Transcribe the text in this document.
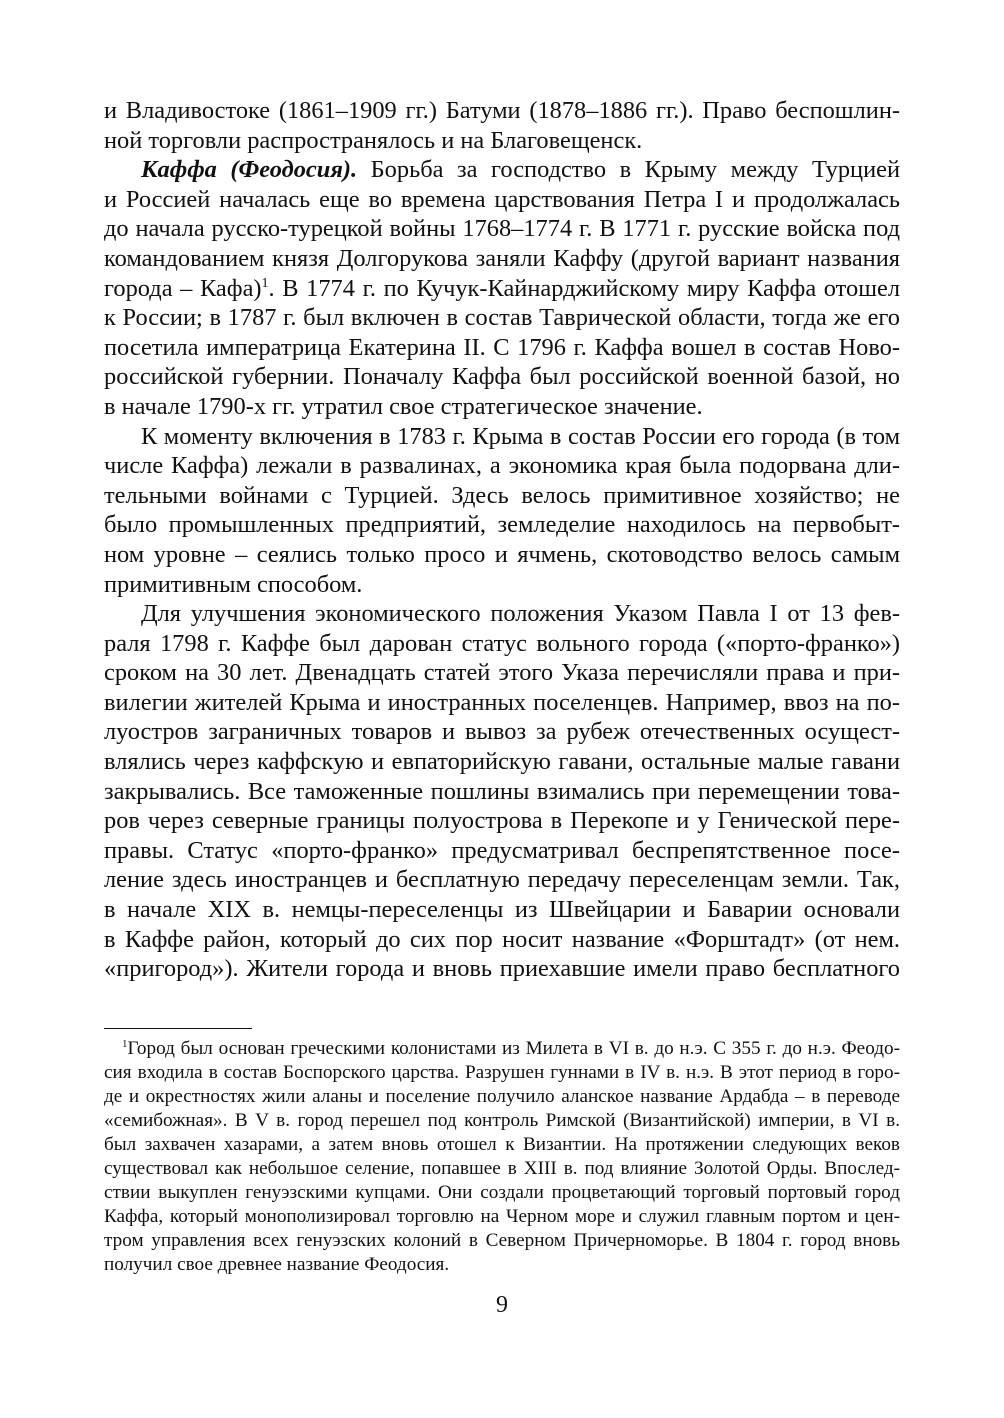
и Владивостоке (1861–1909 гг.) Батуми (1878–1886 гг.). Право беспошлин-
ной торговли распространялось и на Благовещенск.
Каффа (Феодосия). Борьба за господство в Крыму между Турцией
и Россией началась еще во времена царствования Петра I и продолжалась
до начала русско-турецкой войны 1768–1774 г. В 1771 г. русские войска под
командованием князя Долгорукова заняли Каффу (другой вариант названия
города – Кафа)$^1$. В 1774 г. по Кучук-Кайнарджийскому миру Каффа отошел
к России; в 1787 г. был включен в состав Таврической области, тогда же его
посетила императрица Екатерина II. С 1796 г. Каффа вошел в состав Ново-
российской губернии. Поначалу Каффа был российской военной базой, но
в начале 1790-х гг. утратил свое стратегическое значение.
К моменту включения в 1783 г. Крыма в состав России его города (в том
числе Каффа) лежали в развалинах, а экономика края была подорвана дли-
тельными войнами с Турцией. Здесь велось примитивное хозяйство; не
было промышленных предприятий, земледелие находилось на первобыт-
ном уровне – сеялись только просо и ячмень, скотоводство велось самым
примитивным способом.
Для улучшения экономического положения Указом Павла I от 13 фев-
раля 1798 г. Каффе был дарован статус вольного города («порто-франко»)
сроком на 30 лет. Двенадцать статей этого Указа перечисляли права и при-
вилегии жителей Крыма и иностранных поселенцев. Например, ввоз на по-
луостров заграничных товаров и вывоз за рубеж отечественных осущест-
влялись через каффскую и евпаторийскую гавани, остальные малые гавани
закрывались. Все таможенные пошлины взимались при перемещении това-
ров через северные границы полуострова в Перекопе и у Генической пере-
правы. Статус «порто-франко» предусматривал беспрепятственное посе-
ление здесь иностранцев и бесплатную передачу переселенцам земли. Так,
в начале XIX в. немцы-переселенцы из Швейцарии и Баварии основали
в Каффе район, который до сих пор носит название «Форштадт» (от нем.
«пригород»). Жители города и вновь приехавшие имели право бесплатного
$^1$Город был основан греческими колонистами из Милета в VI в. до н.э. С 355 г. до н.э. Феодо-
сия входила в состав Боспорского царства. Разрушен гуннами в IV в. н.э. В этот период в горо-
де и окрестностях жили аланы и поселение получило аланское название Ардабда – в переводе
«семибожная». В V в. город перешел под контроль Римской (Византийской) империи, в VI в.
был захвачен хазарами, а затем вновь отошел к Византии. На протяжении следующих веков
существовал как небольшое селение, попавшее в XIII в. под влияние Золотой Орды. Впослед-
ствии выкуплен генуэзскими купцами. Они создали процветающий торговый портовый город
Каффа, который монополизировал торговлю на Черном море и служил главным портом и цен-
тром управления всех генуэзских колоний в Северном Причерноморье. В 1804 г. город вновь
получил свое древнее название Феодосия.
9
